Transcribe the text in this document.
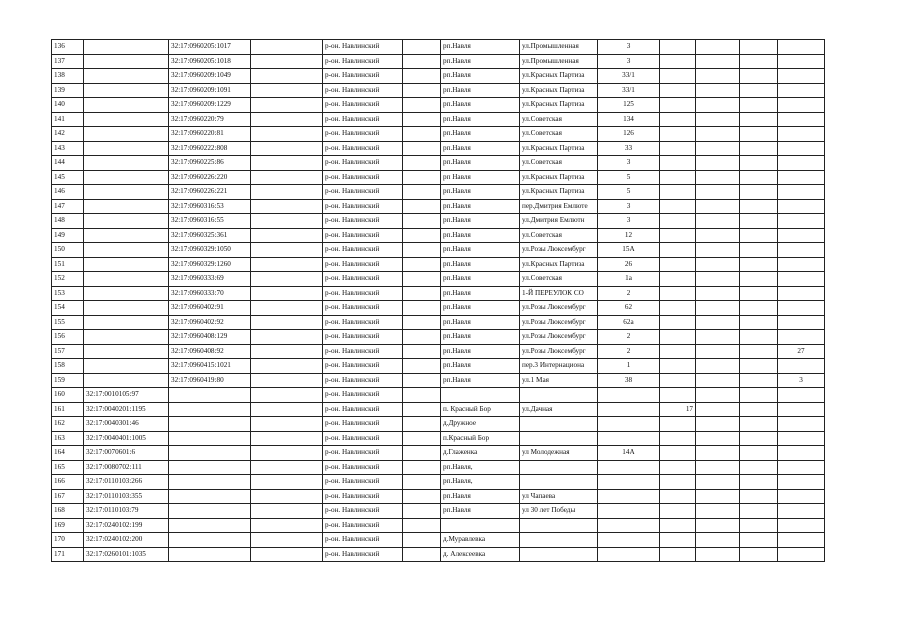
136		32:17:0960205:1017		р-он. Навлинский		рп.Навля	ул.Промышленная	3				
137		32:17:0960205:1018		р-он. Навлинский		рп.Навля	ул.Промышленная	3				
138		32:17:0960209:1049		р-он. Навлинский		рп.Навля	ул.Красных Партиза	33/1				
139		32:17:0960209:1091		р-он. Навлинский		рп.Навля	ул.Красных Партиза	33/1				
140		32:17:0960209:1229		р-он. Навлинский		рп.Навля	ул.Красных Партиза	125				
141		32:17:0960220:79		р-он. Навлинский		рп.Навля	ул.Советская	134				
142		32:17:0960220:81		р-он. Навлинский		рп.Навля	ул.Советская	126				
143		32:17:0960222:808		р-он. Навлинский		рп.Навля	ул.Красных Партиза	33				
144		32:17:0960225:86		р-он. Навлинский		рп.Навля	ул.Советская	3				
145		32:17:0960226:220		р-он. Навлинский		рп Навля	ул.Красных Партиза	5				
146		32:17:0960226:221		р-он. Навлинский		рп.Навля	ул.Красных Партиза	5				
147		32:17:0960316:53		р-он. Навлинский		рп.Навля	пер.Дмитрия Емлюте	3				
148		32:17:0960316:55		р-он. Навлинский		рп.Навля	ул.Дмитрия Емлютн	3				
149		32:17:0960325:361		р-он. Навлинский		рп.Навля	ул.Советская	12				
150		32:17:0960329:1050		р-он. Навлинский		рп.Навля	ул.Розы Люксембург	15А				
151		32:17:0960329:1260		р-он. Навлинский		рп.Навля	ул.Красных Партиза	26				
152		32:17:0960333:69		р-он. Навлинский		рп.Навля	ул.Советская	1а				
153		32:17:0960333:70		р-он. Навлинский		рп.Навля	1-Й ПЕРЕУЛОК СО	2				
154		32:17:0960402:91		р-он. Навлинский		рп.Навля	ул.Розы Люксембург	62				
155		32:17:0960402:92		р-он. Навлинский		рп.Навля	ул.Розы Люксембург	62а				
156		32:17:0960408:129		р-он. Навлинский		рп.Навля	ул.Розы Люксембург	2				
157		32:17:0960408:92		р-он. Навлинский		рп.Навля	ул.Розы Люксембург	2				27
158		32:17:0960415:1021		р-он. Навлинский		рп.Навля	пер.3 Интернациона	1				
159		32:17:0960419:80		р-он. Навлинский		рп.Навля	ул.1 Мая	38				3
160	32:17:0010105:97			р-он. Навлинский								
161	32:17:0040201:1195			р-он. Навлинский		п. Красный Бор	ул.Дачная		17			
162	32:17:0040301:46			р-он. Навлинский		д.Дружное						
163	32:17:0040401:1005			р-он. Навлинский		п.Красный Бор						
164	32:17:0070601:6			р-он. Навлинский		д.Глаженка	ул Молодежная	14А				
165	32:17:0080702:111			р-он. Навлинский		рп.Навля,						
166	32:17:0110103:266			р-он. Навлинский		рп.Навля,						
167	32:17:0110103:355			р-он. Навлинский		рп.Навля	ул Чапаева					
168	32:17:0110103:79			р-он. Навлинский		рп.Навля	ул 30 лет Победы					
169	32:17:0240102:199			р-он. Навлинский								
170	32:17:0240102:200			р-он. Навлинский		д.Муравлевка						
171	32:17:0260101:1035			р-он. Навлинский		д. Алексеевка						
